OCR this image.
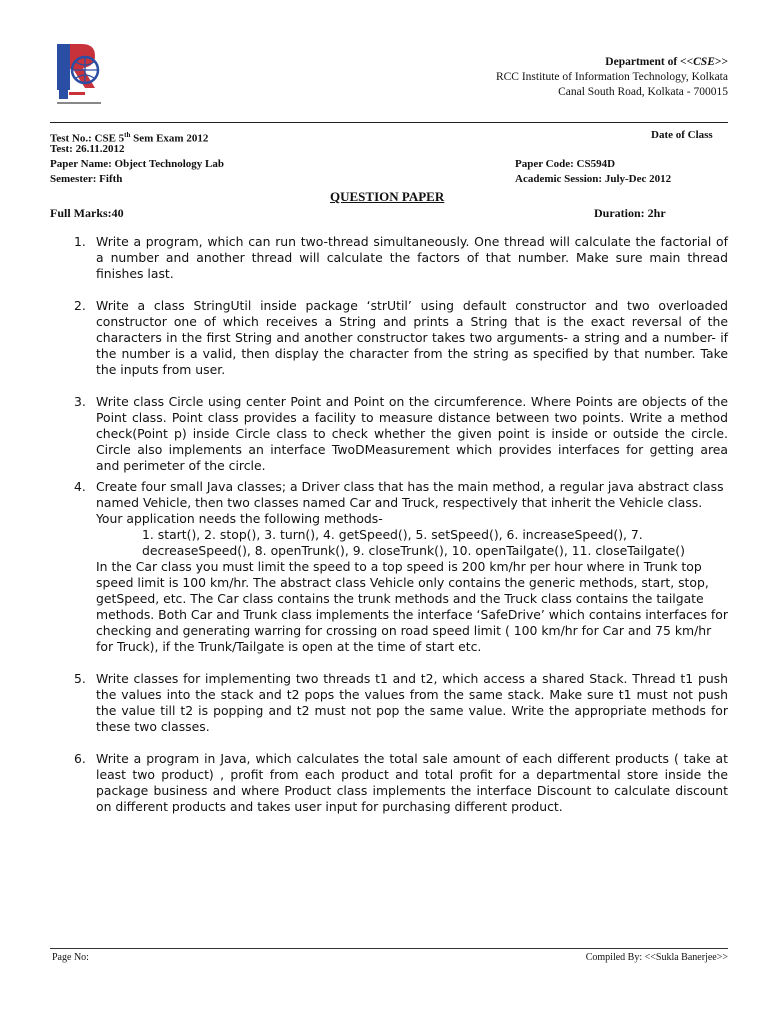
Department of <<CSE>>
RCC Institute of Information Technology, Kolkata
Canal South Road, Kolkata - 700015
Test No.: CSE 5th Sem Exam 2012	Date of Class
Test: 26.11.2012
Paper Name: Object Technology Lab	Paper Code: CS594D
Semester: Fifth	Academic Session: July-Dec 2012
QUESTION PAPER
Full Marks:40	Duration: 2hr
1. Write a program, which can run two-thread simultaneously. One thread will calculate the factorial of a number and another thread will calculate the factors of that number. Make sure main thread finishes last.
2. Write a class StringUtil inside package ‘strUtil’ using default constructor and two overloaded constructor one of which receives a String and prints a String that is the exact reversal of the characters in the first String and another constructor takes two arguments- a string and a number- if the number is a valid, then display the character from the string as specified by that number. Take the inputs from user.
3. Write class Circle using center Point and Point on the circumference. Where Points are objects of the Point class. Point class provides a facility to measure distance between two points. Write a method check(Point p) inside Circle class to check whether the given point is inside or outside the circle. Circle also implements an interface TwoDMeasurement which provides interfaces for getting area and perimeter of the circle.
4. Create four small Java classes; a Driver class that has the main method, a regular java abstract class named Vehicle, then two classes named Car and Truck, respectively that inherit the Vehicle class. Your application needs the following methods-
1. start(), 2. stop(), 3. turn(), 4. getSpeed(), 5. setSpeed(), 6. increaseSpeed(), 7. decreaseSpeed(), 8. openTrunk(), 9. closeTrunk(), 10. openTailgate(), 11. closeTailgate()
In the Car class you must limit the speed to a top speed is 200 km/hr per hour where in Trunk top speed limit is 100 km/hr. The abstract class Vehicle only contains the generic methods, start, stop, getSpeed, etc. The Car class contains the trunk methods and the Truck class contains the tailgate methods. Both Car and Trunk class implements the interface ‘SafeDrive’ which contains interfaces for checking and generating warring for crossing on road speed limit ( 100 km/hr for Car and 75 km/hr for Truck), if the Trunk/Tailgate is open at the time of start etc.
5. Write classes for implementing two threads t1 and t2, which access a shared Stack. Thread t1 push the values into the stack and t2 pops the values from the same stack. Make sure t1 must not push the value till t2 is popping and t2 must not pop the same value. Write the appropriate methods for these two classes.
6. Write a program in Java, which calculates the total sale amount of each different products ( take at least two product) , profit from each product and total profit for a departmental store inside the package business and where Product class implements the interface Discount to calculate discount on different products and takes user input for purchasing different product.
Page No:	Compiled By: <<Sukla Banerjee>>
